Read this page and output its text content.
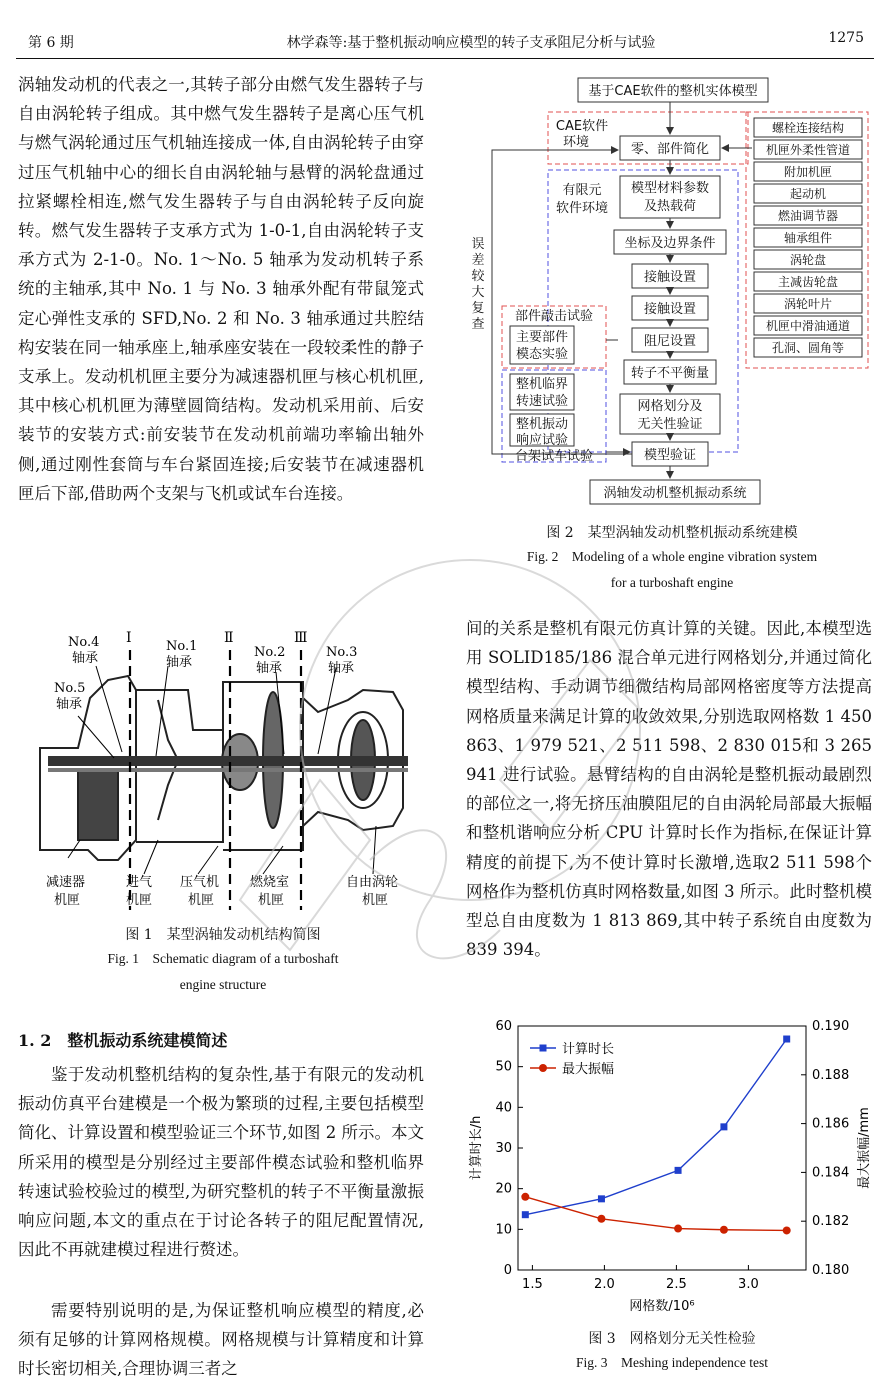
第 6 期	林学森等:基于整机振动响应模型的转子支承阻尼分析与试验	1275
涡轴发动机的代表之一,其转子部分由燃气发生器转子与自由涡轮转子组成。其中燃气发生器转子是离心压气机与燃气涡轮通过压气机轴连接成一体,自由涡轮转子由穿过压气机轴中心的细长自由涡轮轴与悬臂的涡轮盘通过拉紧螺栓相连,燃气发生器转子与自由涡轮转子反向旋转。燃气发生器转子支承方式为 1-0-1,自由涡轮转子支承方式为 2-1-0。No. 1～No. 5 轴承为发动机转子系统的主轴承,其中 No. 1 与 No. 3 轴承外配有带鼠笼式定心弹性支承的 SFD,No. 2 和 No. 3 轴承通过共腔结构安装在同一轴承座上,轴承座安装在一段较柔性的静子支承上。发动机机匣主要分为减速器机匣与核心机机匣,其中核心机机匣为薄壁圆筒结构。发动机采用前、后安装节的安装方式:前安装节在发动机前端功率输出轴外侧,通过刚性套筒与车台紧固连接;后安装节在减速器机匣后下部,借助两个支架与飞机或试车台连接。
No.4
轴承
No.1
轴承
No.2
轴承
No.3
轴承
No.5
轴承
I	Ⅱ	Ⅲ
减速器
机匣
进气
机匣
压气机
机匣
燃烧室
机匣
自由涡轮
机匣
图 1　某型涡轴发动机结构简图
Fig. 1　Schematic diagram of a turboshaft
engine structure
1. 2　整机振动系统建模简述
鉴于发动机整机结构的复杂性,基于有限元的发动机振动仿真平台建模是一个极为繁琐的过程,主要包括模型简化、计算设置和模型验证三个环节,如图 2 所示。本文所采用的模型是分别经过主要部件模态试验和整机临界转速试验校验过的模型,为研究整机的转子不平衡量激振响应问题,本文的重点在于讨论各转子的阻尼配置情况,因此不再就建模过程进行赘述。
需要特别说明的是,为保证整机响应模型的精度,必须有足够的计算网格规模。网格规模与计算精度和计算时长密切相关,合理协调三者之
基于CAE软件的整机实体模型
CAE软件
环境	零、部件简化
有限元
软件环境
模型材料参数
及热载荷
坐标及边界条件
接触设置
接触设置
阻尼设置
转子不平衡量
网格划分及
无关性验证
模型验证
涡轴发动机整机振动系统
误差较大复查
部件敲击试验
主要部件
模态实验
整机临界
转速试验
整机振动
响应试验
台架试车试验
螺栓连接结构
机匣外柔性管道
附加机匣
起动机
燃油调节器
轴承组件
涡轮盘
主减齿轮盘
涡轮叶片
机匣中滑油通道
孔洞、圆角等
图 2　某型涡轴发动机整机振动系统建模
Fig. 2　Modeling of a whole engine vibration system
for a turboshaft engine
间的关系是整机有限元仿真计算的关键。因此,本模型选用 SOLID185/186 混合单元进行网格划分,并通过简化模型结构、手动调节细微结构局部网格密度等方法提高网格质量来满足计算的收敛效果,分别选取网格数 1 450 863、1 979 521、2 511 598、2 830 015和 3 265 941 进行试验。悬臂结构的自由涡轮是整机振动最剧烈的部位之一,将无挤压油膜阻尼的自由涡轮局部最大振幅和整机谐响应分析 CPU 计算时长作为指标,在保证计算精度的前提下,为不使计算时长激增,选取2 511 598个网格作为整机仿真时网格数量,如图 3 所示。此时整机模型总自由度数为 1 813 869,其中转子系统自由度数为 839 394。
1.5	2.0	2.5	3.0
0
10
20
30
40
50
60
0.180
0.182
0.184
0.186
0.188
0.190
网格数/10⁶
计算时长/h	最大振幅/mm
计算时长
最大振幅
图 3　网格划分无关性检验
Fig. 3　Meshing independence test
